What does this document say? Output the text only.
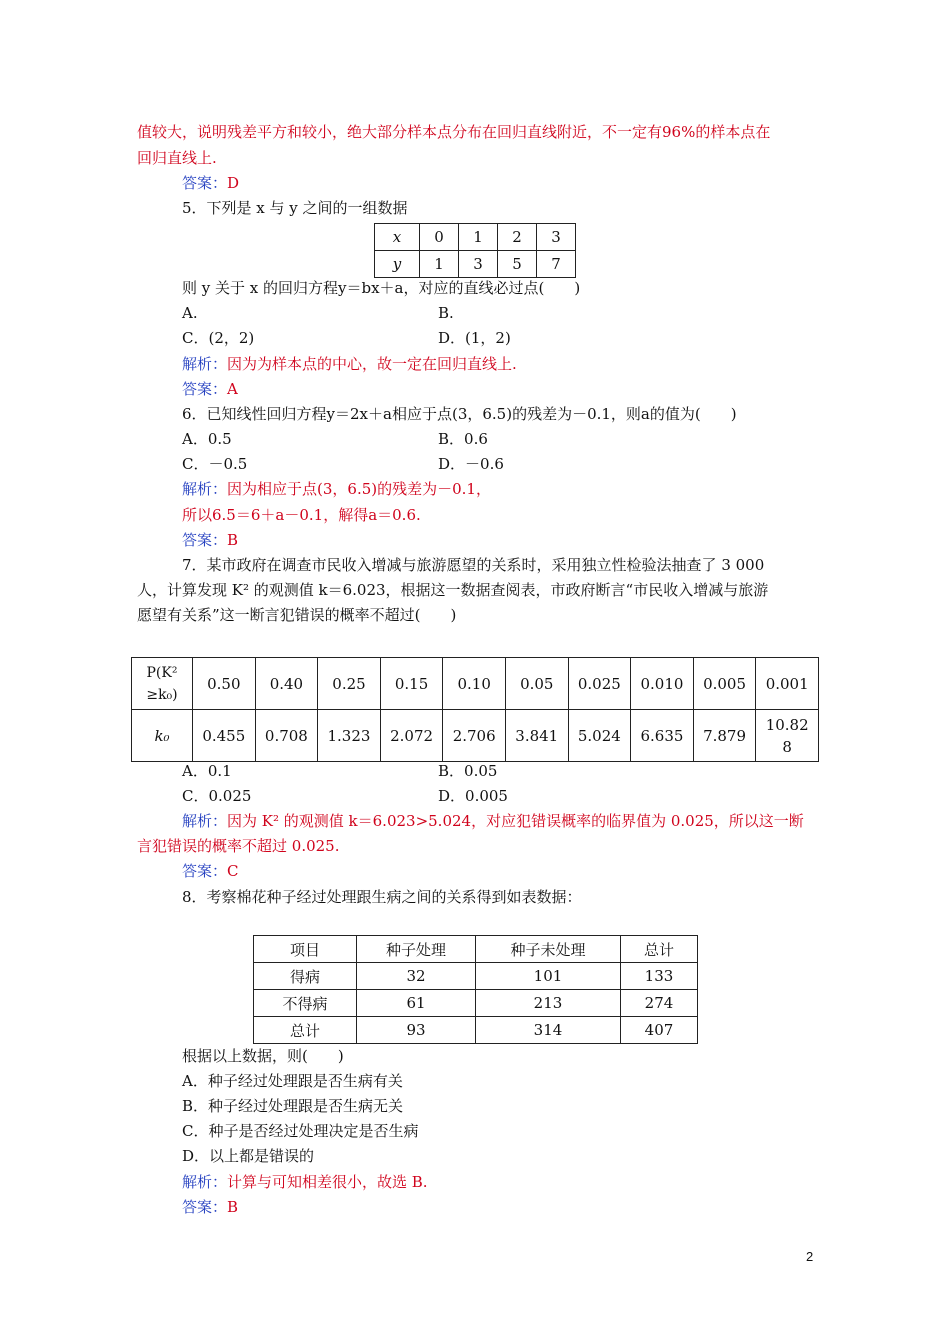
值较大，说明残差平方和较小，绝大部分样本点分布在回归直线附近，不一定有96%的样本点在
回归直线上.
答案：D
5．下列是 x 与 y 之间的一组数据
x	0	1	2	3
y	1	3	5	7
则 y 关于 x 的回归方程y＝bx＋a，对应的直线必过点(　　)
A.	B.
C．(2，2)	D．(1，2)
解析：因为为样本点的中心，故一定在回归直线上.
答案：A
6．已知线性回归方程y＝2x＋a相应于点(3，6.5)的残差为－0.1，则a的值为(　　)
A．0.5	B．0.6
C．－0.5	D．－0.6
解析：因为相应于点(3，6.5)的残差为－0.1，
所以6.5＝6＋a－0.1，解得a＝0.6.
答案：B
7．某市政府在调查市民收入增减与旅游愿望的关系时，采用独立性检验法抽查了 3 000
人，计算发现 K² 的观测值 k＝6.023，根据这一数据查阅表，市政府断言“市民收入增减与旅游
愿望有关系”这一断言犯错误的概率不超过(　　)
P(K²
≥k₀)	0.50	0.40	0.25	0.15	0.10	0.05	0.025	0.010	0.005	0.001
k₀	0.455	0.708	1.323	2.072	2.706	3.841	5.024	6.635	7.879	10.82
8
A．0.1	B．0.05
C．0.025	D．0.005
解析：因为 K² 的观测值 k＝6.023>5.024，对应犯错误概率的临界值为 0.025，所以这一断
言犯错误的概率不超过 0.025.
答案：C
8．考察棉花种子经过处理跟生病之间的关系得到如表数据：
项目	种子处理	种子未处理	总计
得病	32	101	133
不得病	61	213	274
总计	93	314	407
根据以上数据，则(　　)
A．种子经过处理跟是否生病有关
B．种子经过处理跟是否生病无关
C．种子是否经过处理决定是否生病
D．以上都是错误的
解析：计算与可知相差很小，故选 B.
答案：B
2
